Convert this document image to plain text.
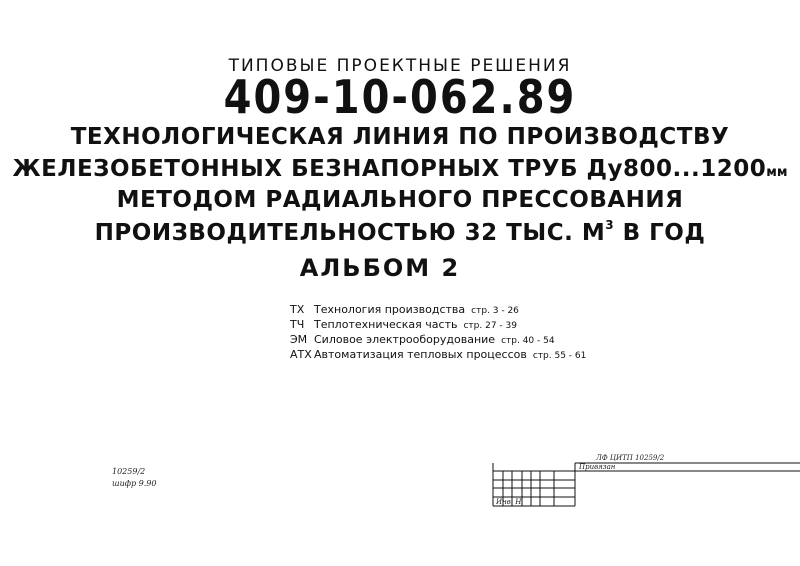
ТИПОВЫЕ ПРОЕКТНЫЕ РЕШЕНИЯ
409-10-062.89
ТЕХНОЛОГИЧЕСКАЯ ЛИНИЯ ПО ПРОИЗВОДСТВУ
ЖЕЛЕЗОБЕТОННЫХ БЕЗНАПОРНЫХ ТРУБ Ду800...1200мм
МЕТОДОМ РАДИАЛЬНОГО ПРЕССОВАНИЯ
ПРОИЗВОДИТЕЛЬНОСТЬЮ 32 ТЫС. $М^3$ В ГОД
АЛЬБОМ 2
ТХ Технология производства стр. 3 - 26
ТЧ Теплотехническая часть стр. 27 - 39
ЭМ Силовое электрооборудование стр. 40 - 54
АТХ Автоматизация тепловых процессов стр. 55 - 61
10259/2
шифр 9.90
ЛФ ЦИТП 10259/2
Привязан
Инв. Н
